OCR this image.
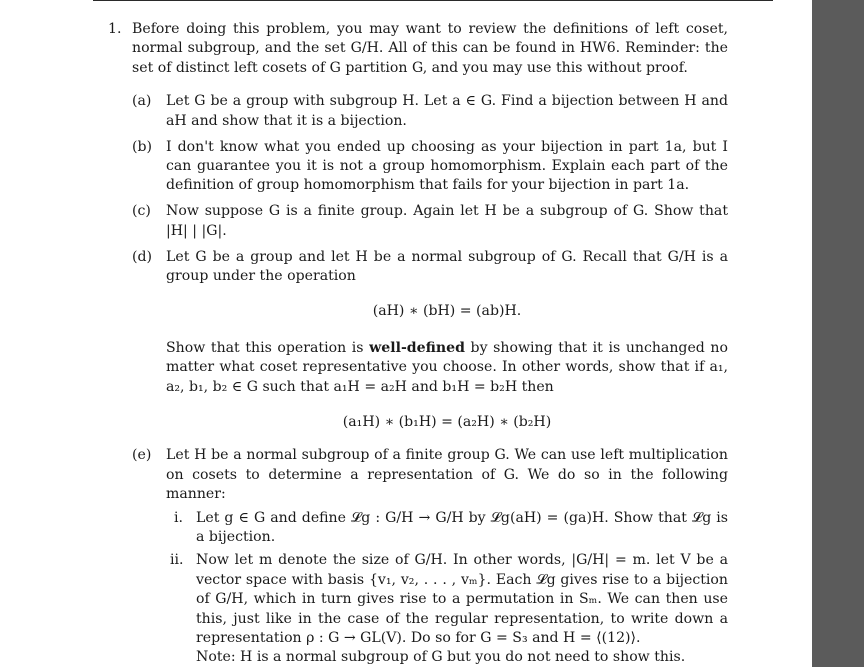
1. Before doing this problem, you may want to review the definitions of left coset, normal subgroup, and the set G/H. All of this can be found in HW6. Reminder: the set of distinct left cosets of G partition G, and you may use this without proof.
(a) Let G be a group with subgroup H. Let a ∈ G. Find a bijection between H and aH and show that it is a bijection.
(b) I don't know what you ended up choosing as your bijection in part 1a, but I can guarantee you it is not a group homomorphism. Explain each part of the definition of group homomorphism that fails for your bijection in part 1a.
(c) Now suppose G is a finite group. Again let H be a subgroup of G. Show that |H| | |G|.
(d) Let G be a group and let H be a normal subgroup of G. Recall that G/H is a group under the operation
(aH) ∗ (bH) = (ab)H.
Show that this operation is well-defined by showing that it is unchanged no matter what coset representative you choose. In other words, show that if a₁, a₂, b₁, b₂ ∈ G such that a₁H = a₂H and b₁H = b₂H then
(a₁H) ∗ (b₁H) = (a₂H) ∗ (b₂H)
(e) Let H be a normal subgroup of a finite group G. We can use left multiplication on cosets to determine a representation of G. We do so in the following manner:
i. Let g ∈ G and define 𝓛g : G/H → G/H by 𝓛g(aH) = (ga)H. Show that 𝓛g is a bijection.
ii. Now let m denote the size of G/H. In other words, |G/H| = m. let V be a vector space with basis {v₁, v₂, . . . , vₘ}. Each 𝓛g gives rise to a bijection of G/H, which in turn gives rise to a permutation in Sₘ. We can then use this, just like in the case of the regular representation, to write down a representation ρ : G → GL(V). Do so for G = S₃ and H = ⟨(12)⟩.
Note: H is a normal subgroup of G but you do not need to show this.
